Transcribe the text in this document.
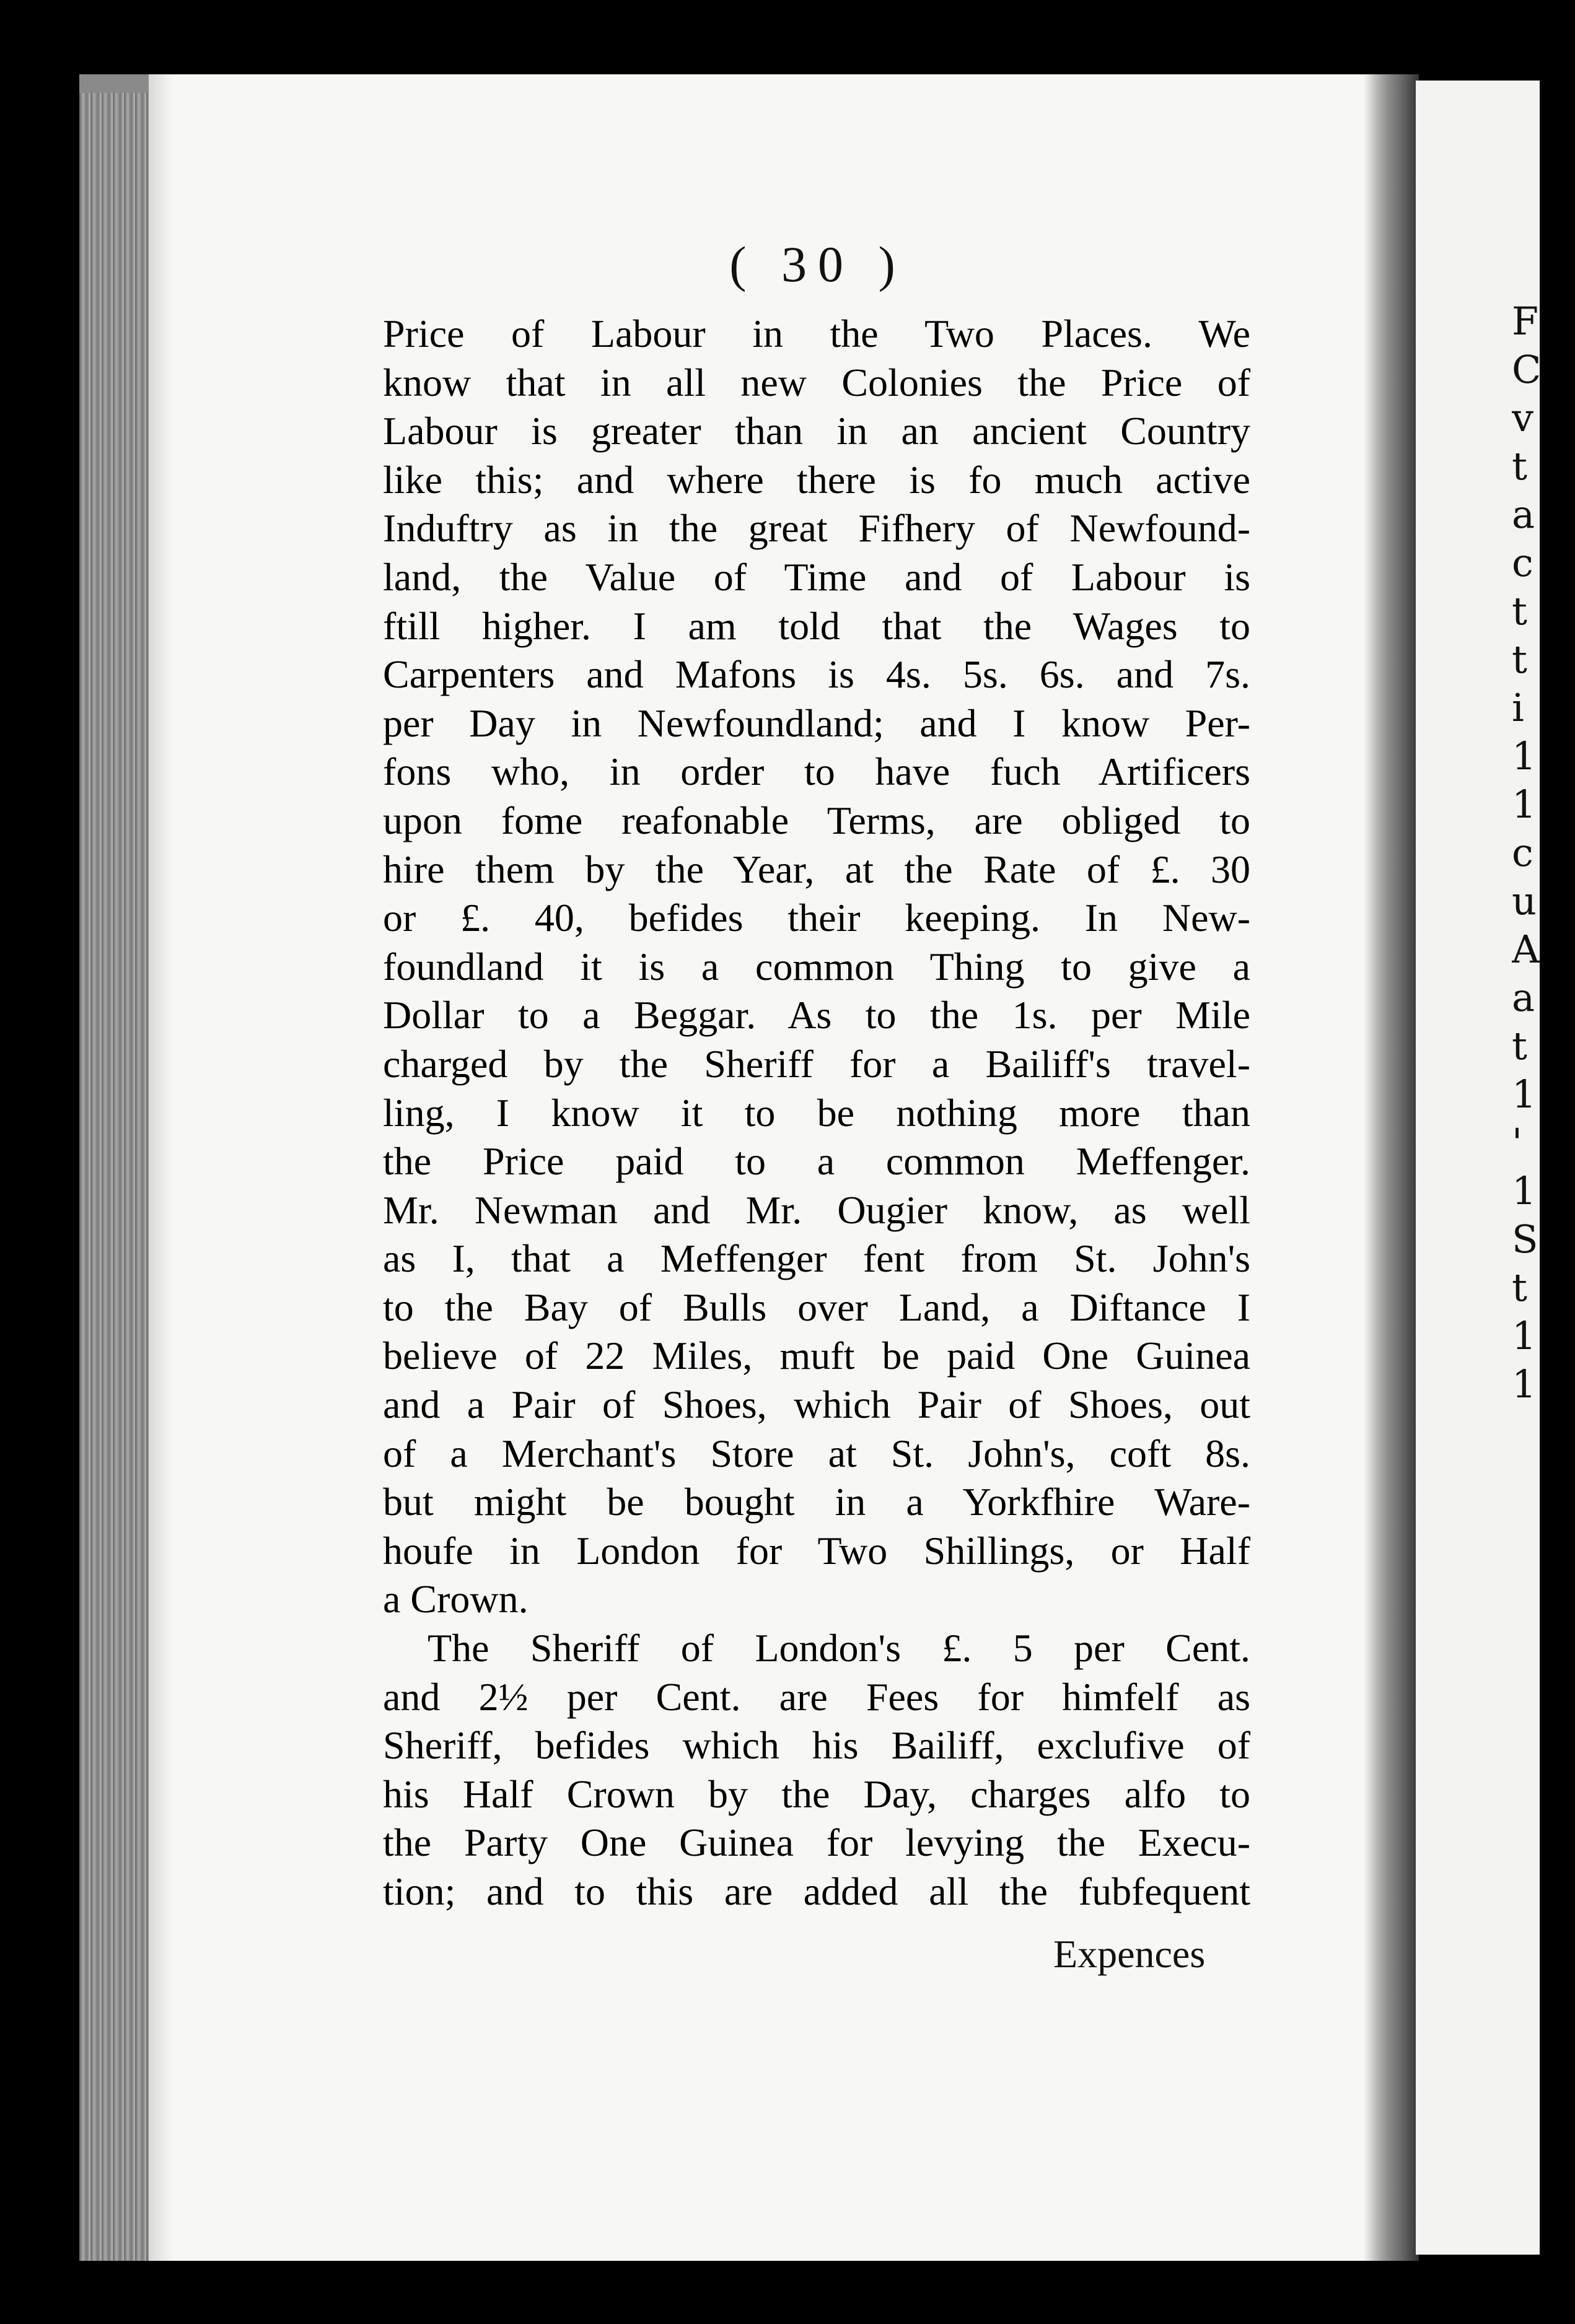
F
C
v
t
a
c
t
t
i
1
1
c
u
A
a
t
1
'
1
S
t
1
1
( 30 )
Price of Labour in the Two Places. We
know that in all new Colonies the Price of
Labour is greater than in an ancient Country
like this; and where there is fo much active
Induftry as in the great Fifhery of Newfound-
land, the Value of Time and of Labour is
ftill higher. I am told that the Wages to
Carpenters and Mafons is 4s. 5s. 6s. and 7s.
per Day in Newfoundland; and I know Per-
fons who, in order to have fuch Artificers
upon fome reafonable Terms, are obliged to
hire them by the Year, at the Rate of £. 30
or £. 40, befides their keeping. In New-
foundland it is a common Thing to give a
Dollar to a Beggar. As to the 1s. per Mile
charged by the Sheriff for a Bailiff's travel-
ling, I know it to be nothing more than
the Price paid to a common Meffenger.
Mr. Newman and Mr. Ougier know, as well
as I, that a Meffenger fent from St. John's
to the Bay of Bulls over Land, a Diftance I
believe of 22 Miles, muft be paid One Guinea
and a Pair of Shoes, which Pair of Shoes, out
of a Merchant's Store at St. John's, coft 8s.
but might be bought in a Yorkfhire Ware-
houfe in London for Two Shillings, or Half
a Crown.
The Sheriff of London's £. 5 per Cent.
and 2½ per Cent. are Fees for himfelf as
Sheriff, befides which his Bailiff, exclufive of
his Half Crown by the Day, charges alfo to
the Party One Guinea for levying the Execu-
tion; and to this are added all the fubfequent
Expences
